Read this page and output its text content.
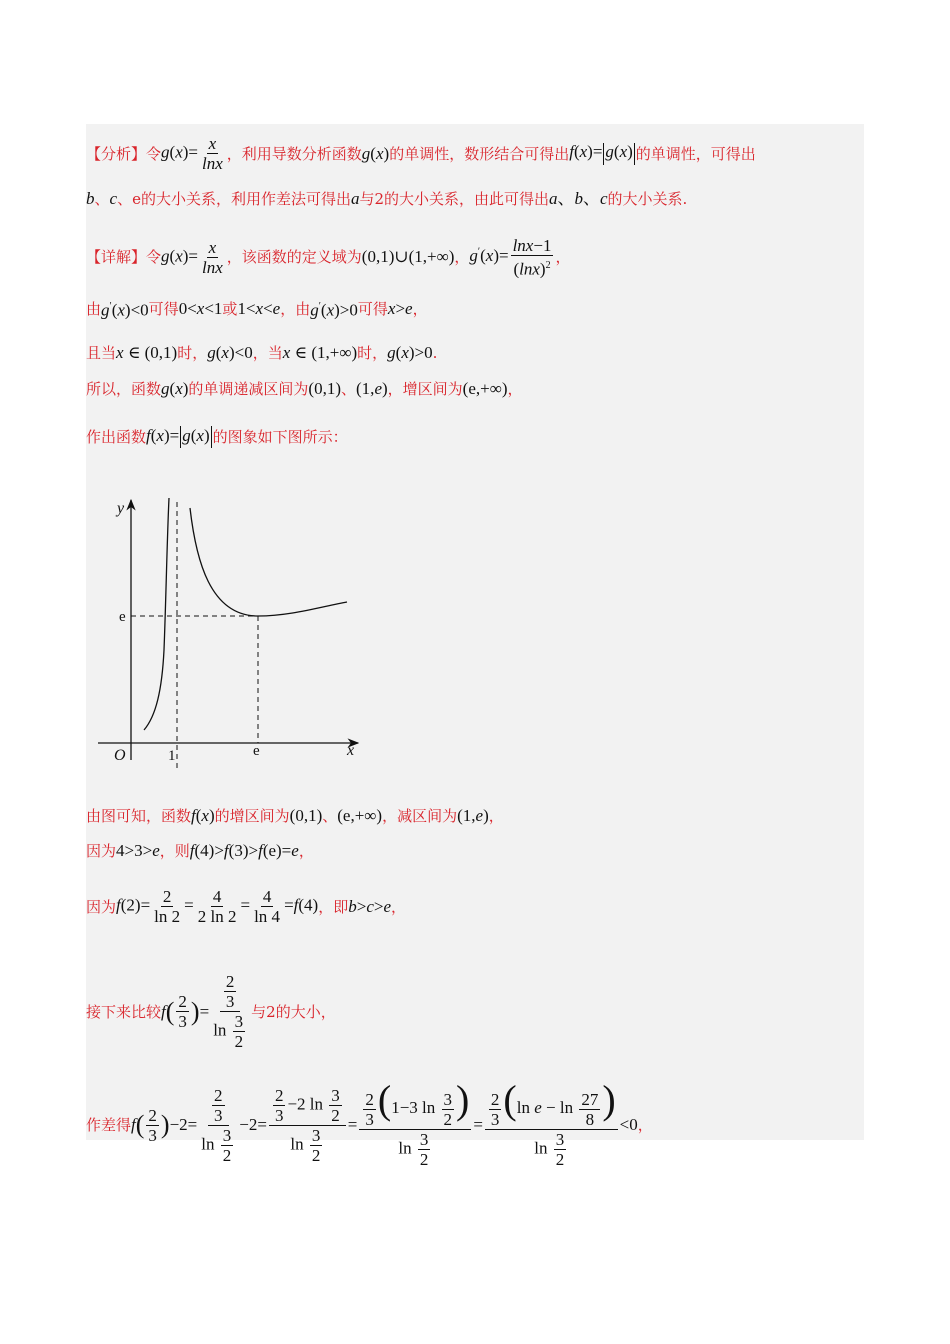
【分析】 令 $g(x)= \frac{x}{\ln x}$ ，利用导数分析函数 g(x) 的单调性，数形结合可得出 f(x)= g(x) 的单调性，可得出
b 、 c 、e的大小关系，利用作差法可得出 a 与2的大小关系，由此可得出 a、b、c 的大小关系.
【详解】 令 $g(x)= \frac{x}{\ln x}$ ，该函数的定义域为 (0,1)∪(1,+∞) ， $g'(x)= \frac{\ln x-1}{(\ln x)^2}$ ，
由 g′(x)<0 可得 0<x<1 或 1<x<e ，由 g′(x)>0 可得 x>e ，
且当 x ∈ (0,1) 时， g(x)<0 ，当 x ∈ (1,+∞) 时， g(x)>0 .
所以，函数 g(x) 的单调递减区间为 (0,1) 、 (1,e) ，增区间为 (e,+∞) ，
作出函数 f(x)= g(x) 的图象如下图所示：
y
x
O	1	e
e
由图可知，函数 f(x) 的增区间为 (0,1) 、 (e,+∞) ，减区间为 (1,e) ，
因为 4>3>e ，则 f(4)>f(3)>f(e)=e ，
因为 $f(2)= \frac{2}{\ln 2} = \frac{4}{2 \ln 2} = \frac{4}{\ln 4} =f(4)$ ，即 b>c>e ，
接下来比较 f ( 2
3 ) = $\frac{2}{3}$
$\ln \frac{3}{2}$
与2的大小，
作差得 f ( 2
3 ) $-2= \frac{2}{3}$
$\ln \frac{3}{2}$
$-2= \frac{2}{3} -2$ $\ln \frac{3}{2}$
$\ln \frac{3}{2}$
= $\frac{2}{3} (1-3$ $\ln \frac{3}{2}$ )
$\ln \frac{3}{2}$
= $\frac{2}{3} (\ln$ $e - \ln \frac{27}{8}$ )
$\ln \frac{3}{2}$
<0 ，
